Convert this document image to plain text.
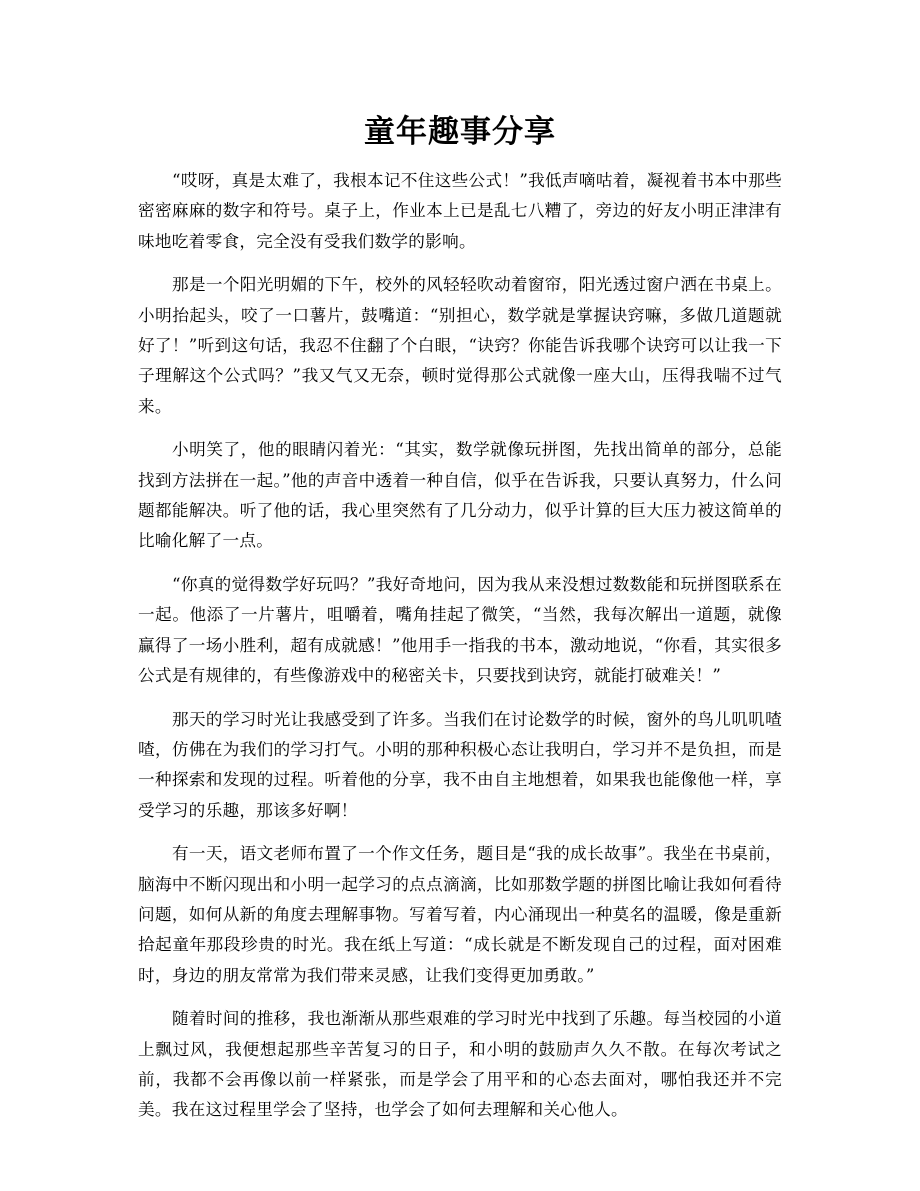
童年趣事分享

“哎呀，真是太难了，我根本记不住这些公式！”我低声嘀咕着，凝视着书本中那些密密麻麻的数字和符号。桌子上，作业本上已是乱七八糟了，旁边的好友小明正津津有味地吃着零食，完全没有受我们数学的影响。

那是一个阳光明媚的下午，校外的风轻轻吹动着窗帘，阳光透过窗户洒在书桌上。小明抬起头，咬了一口薯片，鼓嘴道：“别担心，数学就是掌握诀窍嘛，多做几道题就好了！”听到这句话，我忍不住翻了个白眼，“诀窍？你能告诉我哪个诀窍可以让我一下子理解这个公式吗？”我又气又无奈，顿时觉得那公式就像一座大山，压得我喘不过气来。

小明笑了，他的眼睛闪着光：“其实，数学就像玩拼图，先找出简单的部分，总能找到方法拼在一起。”他的声音中透着一种自信，似乎在告诉我，只要认真努力，什么问题都能解决。听了他的话，我心里突然有了几分动力，似乎计算的巨大压力被这简单的比喻化解了一点。

“你真的觉得数学好玩吗？”我好奇地问，因为我从来没想过数数能和玩拼图联系在一起。他添了一片薯片，咀嚼着，嘴角挂起了微笑，“当然，我每次解出一道题，就像赢得了一场小胜利，超有成就感！”他用手一指我的书本，激动地说，“你看，其实很多公式是有规律的，有些像游戏中的秘密关卡，只要找到诀窍，就能打破难关！”

那天的学习时光让我感受到了许多。当我们在讨论数学的时候，窗外的鸟儿叽叽喳喳，仿佛在为我们的学习打气。小明的那种积极心态让我明白，学习并不是负担，而是一种探索和发现的过程。听着他的分享，我不由自主地想着，如果我也能像他一样，享受学习的乐趣，那该多好啊！

有一天，语文老师布置了一个作文任务，题目是“我的成长故事”。我坐在书桌前，脑海中不断闪现出和小明一起学习的点点滴滴，比如那数学题的拼图比喻让我如何看待问题，如何从新的角度去理解事物。写着写着，内心涌现出一种莫名的温暖，像是重新拾起童年那段珍贵的时光。我在纸上写道：“成长就是不断发现自己的过程，面对困难时，身边的朋友常常为我们带来灵感，让我们变得更加勇敢。”

随着时间的推移，我也渐渐从那些艰难的学习时光中找到了乐趣。每当校园的小道上飘过风，我便想起那些辛苦复习的日子，和小明的鼓励声久久不散。在每次考试之前，我都不会再像以前一样紧张，而是学会了用平和的心态去面对，哪怕我还并不完美。我在这过程里学会了坚持，也学会了如何去理解和关心他人。
